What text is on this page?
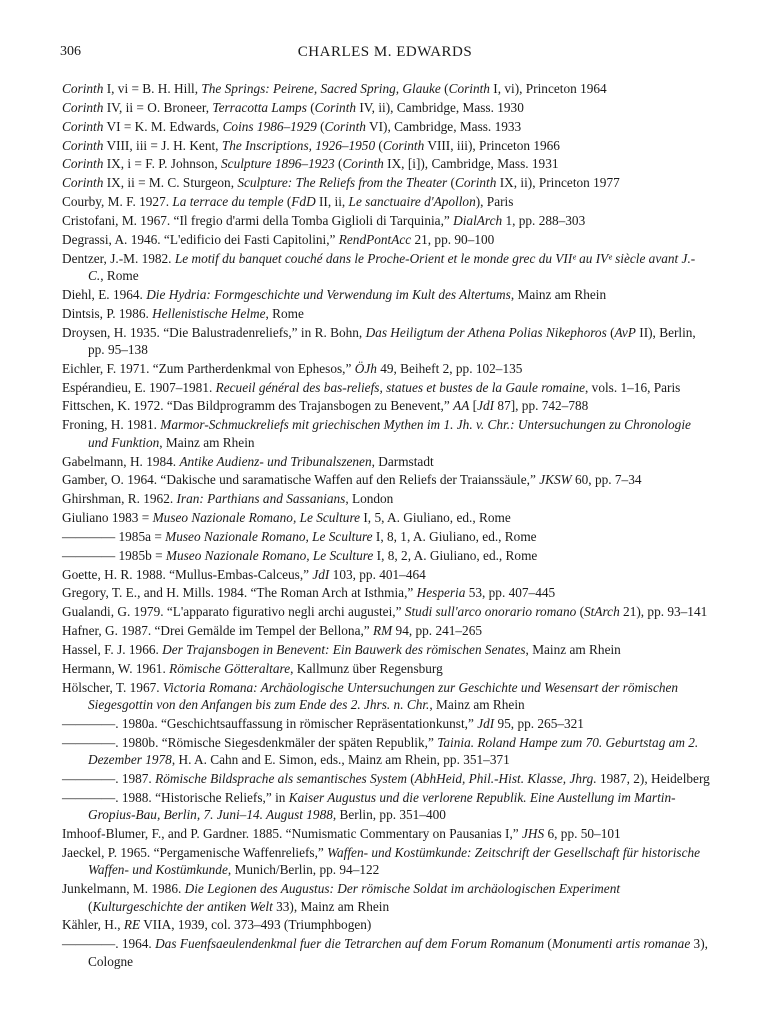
306	CHARLES M. EDWARDS
Corinth I, vi = B. H. Hill, The Springs: Peirene, Sacred Spring, Glauke (Corinth I, vi), Princeton 1964
Corinth IV, ii = O. Broneer, Terracotta Lamps (Corinth IV, ii), Cambridge, Mass. 1930
Corinth VI = K. M. Edwards, Coins 1986–1929 (Corinth VI), Cambridge, Mass. 1933
Corinth VIII, iii = J. H. Kent, The Inscriptions, 1926–1950 (Corinth VIII, iii), Princeton 1966
Corinth IX, i = F. P. Johnson, Sculpture 1896–1923 (Corinth IX, [i]), Cambridge, Mass. 1931
Corinth IX, ii = M. C. Sturgeon, Sculpture: The Reliefs from the Theater (Corinth IX, ii), Princeton 1977
Courby, M. F. 1927. La terrace du temple (FdD II, ii, Le sanctuaire d'Apollon), Paris
Cristofani, M. 1967. “Il fregio d'armi della Tomba Giglioli di Tarquinia,” DialArch 1, pp. 288–303
Degrassi, A. 1946. “L'edificio dei Fasti Capitolini,” RendPontAcc 21, pp. 90–100
Dentzer, J.-M. 1982. Le motif du banquet couché dans le Proche-Orient et le monde grec du VIIᵉ au IVᵉ siècle avant J.-C., Rome
Diehl, E. 1964. Die Hydria: Formgeschichte und Verwendung im Kult des Altertums, Mainz am Rhein
Dintsis, P. 1986. Hellenistische Helme, Rome
Droysen, H. 1935. “Die Balustradenreliefs,” in R. Bohn, Das Heiligtum der Athena Polias Nikephoros (AvP II), Berlin, pp. 95–138
Eichler, F. 1971. “Zum Partherdenkmal von Ephesos,” ÖJh 49, Beiheft 2, pp. 102–135
Espérandieu, E. 1907–1981. Recueil général des bas-reliefs, statues et bustes de la Gaule romaine, vols. 1–16, Paris
Fittschen, K. 1972. “Das Bildprogramm des Trajansbogen zu Benevent,” AA [JdI 87], pp. 742–788
Froning, H. 1981. Marmor-Schmuckreliefs mit griechischen Mythen im 1. Jh. v. Chr.: Untersuchungen zu Chronologie und Funktion, Mainz am Rhein
Gabelmann, H. 1984. Antike Audienz- und Tribunalszenen, Darmstadt
Gamber, O. 1964. “Dakische und saramatische Waffen auf den Reliefs der Traianssäule,” JKSW 60, pp. 7–34
Ghirshman, R. 1962. Iran: Parthians and Sassanians, London
Giuliano 1983 = Museo Nazionale Romano, Le Sculture I, 5, A. Giuliano, ed., Rome
———— 1985a = Museo Nazionale Romano, Le Sculture I, 8, 1, A. Giuliano, ed., Rome
———— 1985b = Museo Nazionale Romano, Le Sculture I, 8, 2, A. Giuliano, ed., Rome
Goette, H. R. 1988. “Mullus-Embas-Calceus,” JdI 103, pp. 401–464
Gregory, T. E., and H. Mills. 1984. “The Roman Arch at Isthmia,” Hesperia 53, pp. 407–445
Gualandi, G. 1979. “L'apparato figurativo negli archi augustei,” Studi sull'arco onorario romano (StArch 21), pp. 93–141
Hafner, G. 1987. “Drei Gemälde im Tempel der Bellona,” RM 94, pp. 241–265
Hassel, F. J. 1966. Der Trajansbogen in Benevent: Ein Bauwerk des römischen Senates, Mainz am Rhein
Hermann, W. 1961. Römische Götteraltare, Kallmunz über Regensburg
Hölscher, T. 1967. Victoria Romana: Archäologische Untersuchungen zur Geschichte und Wesensart der römischen Siegesgottin von den Anfangen bis zum Ende des 2. Jhrs. n. Chr., Mainz am Rhein
————. 1980a. “Geschichtsauffassung in römischer Repräsentationkunst,” JdI 95, pp. 265–321
————. 1980b. “Römische Siegesdenkmäler der späten Republik,” Tainia. Roland Hampe zum 70. Geburtstag am 2. Dezember 1978, H. A. Cahn and E. Simon, eds., Mainz am Rhein, pp. 351–371
————. 1987. Römische Bildsprache als semantisches System (AbhHeid, Phil.-Hist. Klasse, Jhrg. 1987, 2), Heidelberg
————. 1988. “Historische Reliefs,” in Kaiser Augustus und die verlorene Republik. Eine Austellung im Martin-Gropius-Bau, Berlin, 7. Juni–14. August 1988, Berlin, pp. 351–400
Imhoof-Blumer, F., and P. Gardner. 1885. “Numismatic Commentary on Pausanias I,” JHS 6, pp. 50–101
Jaeckel, P. 1965. “Pergamenische Waffenreliefs,” Waffen- und Kostümkunde: Zeitschrift der Gesellschaft für historische Waffen- und Kostümkunde, Munich/Berlin, pp. 94–122
Junkelmann, M. 1986. Die Legionen des Augustus: Der römische Soldat im archäologischen Experiment (Kulturgeschichte der antiken Welt 33), Mainz am Rhein
Kähler, H., RE VIIA, 1939, col. 373–493 (Triumphbogen)
————. 1964. Das Fuenfsaeulendenkmal fuer die Tetrarchen auf dem Forum Romanum (Monumenti artis romanae 3), Cologne
